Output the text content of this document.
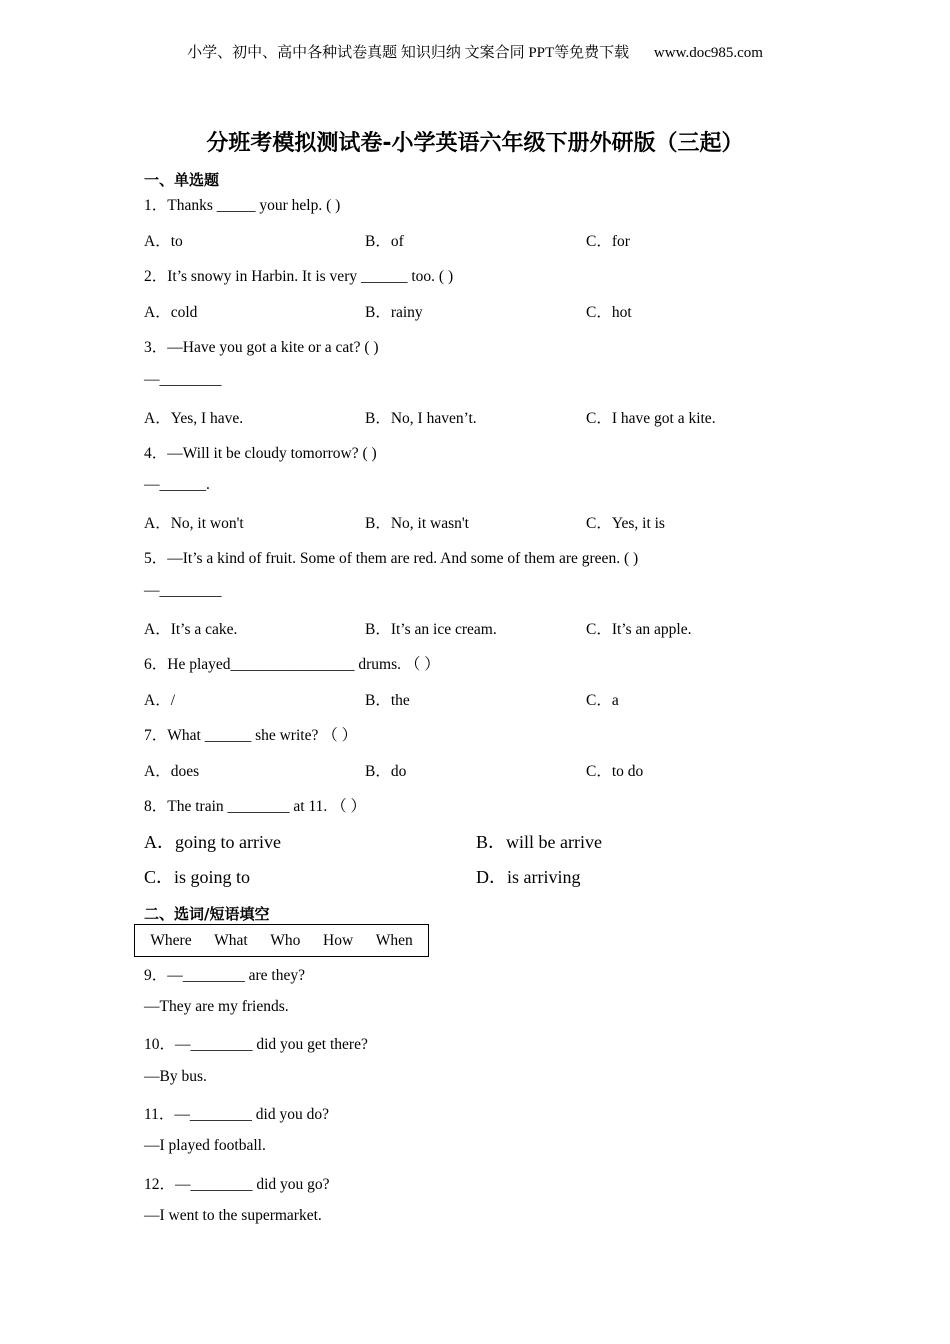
小学、初中、高中各种试卷真题 知识归纳 文案合同 PPT等免费下载 www.doc985.com
分班考模拟测试卷-小学英语六年级下册外研版（三起）
一、单选题
1．Thanks _____ your help. ( )
A．to	B．of	C．for
2．It’s snowy in Harbin. It is very ______ too. ( )
A．cold	B．rainy	C．hot
3．—Have you got a kite or a cat? ( )
—________
A．Yes, I have.	B．No, I haven’t.	C．I have got a kite.
4．—Will it be cloudy tomorrow? ( )
—______.
A．No, it won't	B．No, it wasn't	C．Yes, it is
5．—It’s a kind of fruit. Some of them are red. And some of them are green. ( )
—________
A．It’s a cake.	B．It’s an ice cream.	C．It’s an apple.
6．He played________________ drums. （ ）
A．/	B．the	C．a
7．What ______ she write? （ ）
A．does	B．do	C．to do
8．The train ________ at 11. （ ）
A．going to arrive	B．will be arrive
C．is going to	D．is arriving
二、选词/短语填空
Where What Who How When
9．—________ are they?
—They are my friends.
10．—________ did you get there?
—By bus.
11．—________ did you do?
—I played football.
12．—________ did you go?
—I went to the supermarket.
